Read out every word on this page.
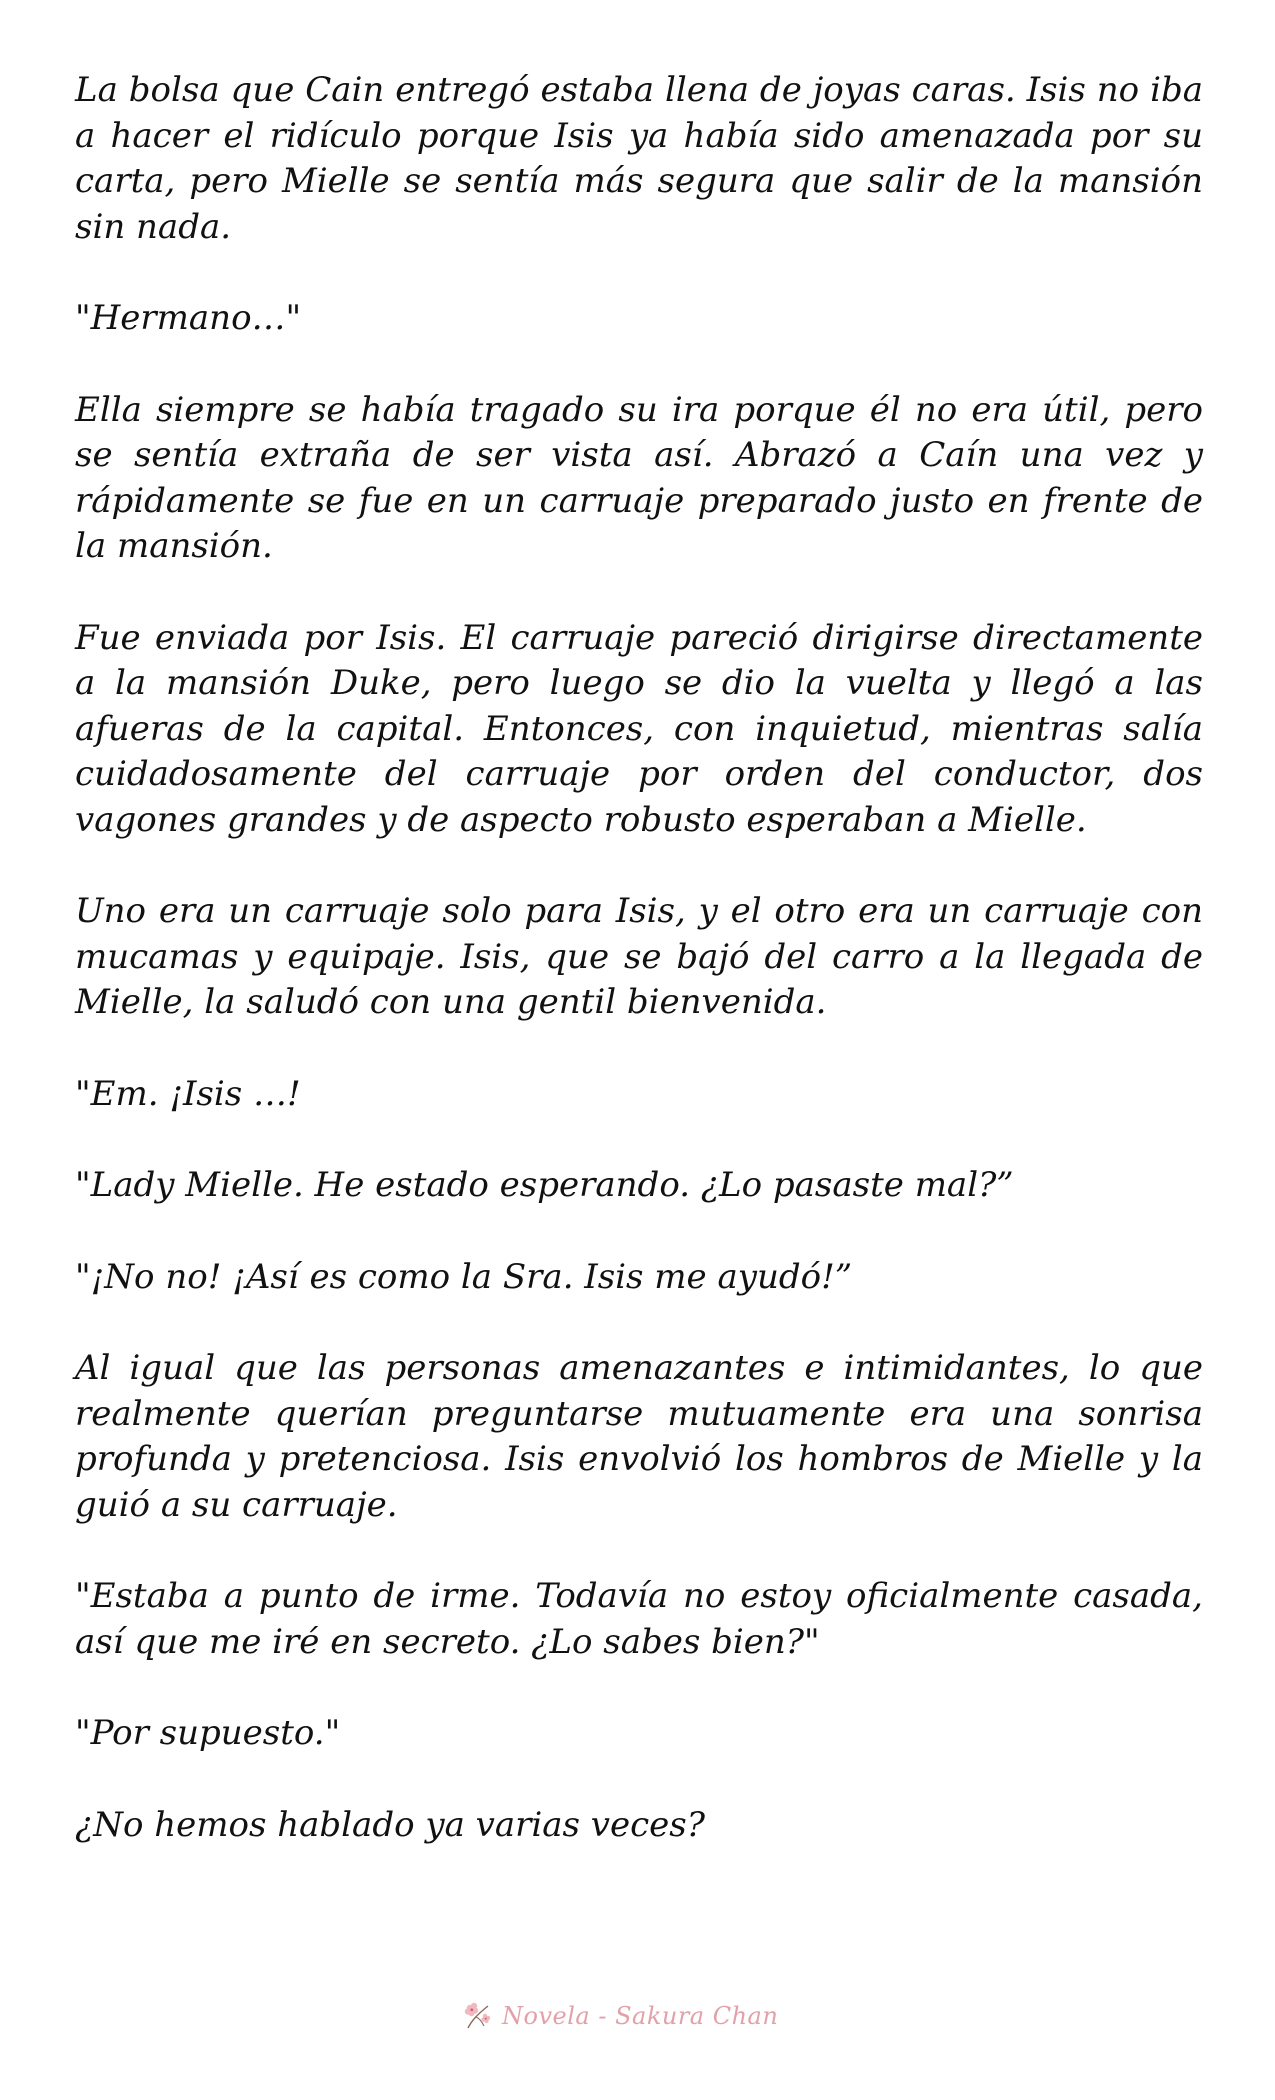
La bolsa que Cain entregó estaba llena de joyas caras. Isis no iba a hacer el ridículo porque Isis ya había sido amenazada por su carta, pero Mielle se sentía más segura que salir de la mansión sin nada.

"Hermano…"

Ella siempre se había tragado su ira porque él no era útil, pero se sentía extraña de ser vista así. Abrazó a Caín una vez y rápidamente se fue en un carruaje preparado justo en frente de la mansión.

Fue enviada por Isis. El carruaje pareció dirigirse directamente a la mansión Duke, pero luego se dio la vuelta y llegó a las afueras de la capital. Entonces, con inquietud, mientras salía cuidadosamente del carruaje por orden del conductor, dos vagones grandes y de aspecto robusto esperaban a Mielle.

Uno era un carruaje solo para Isis, y el otro era un carruaje con mucamas y equipaje. Isis, que se bajó del carro a la llegada de Mielle, la saludó con una gentil bienvenida.

"Em. ¡Isis …!

"Lady Mielle. He estado esperando. ¿Lo pasaste mal?”

"¡No no! ¡Así es como la Sra. Isis me ayudó!”

Al igual que las personas amenazantes e intimidantes, lo que realmente querían preguntarse mutuamente era una sonrisa profunda y pretenciosa. Isis envolvió los hombros de Mielle y la guió a su carruaje.

"Estaba a punto de irme. Todavía no estoy oficialmente casada, así que me iré en secreto. ¿Lo sabes bien?"

"Por supuesto."

¿No hemos hablado ya varias veces?

Novela - Sakura Chan
